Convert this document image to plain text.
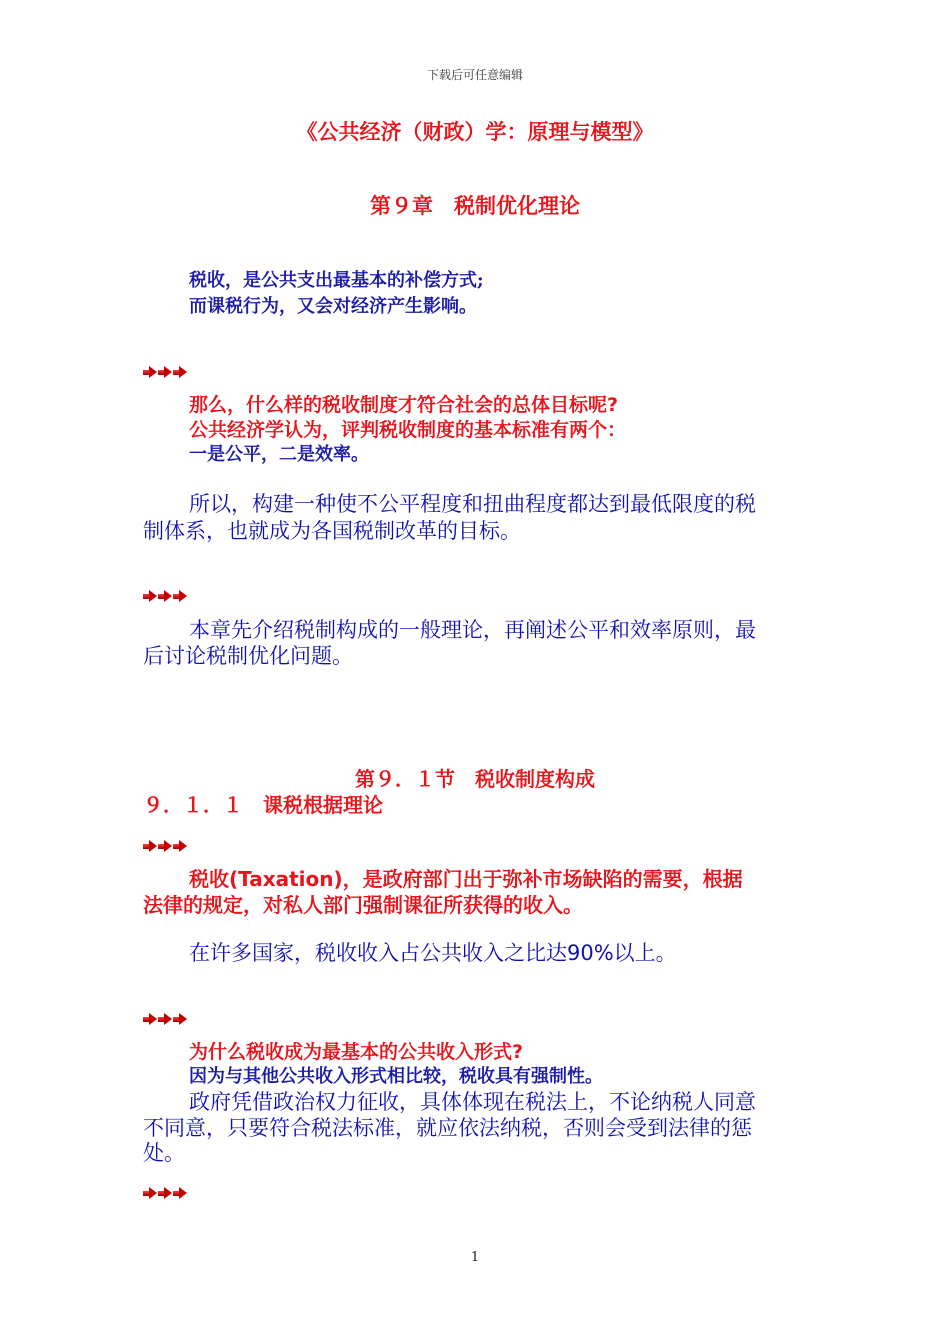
下载后可任意编辑
《公共经济（财政）学：原理与模型》
第９章　税制优化理论
税收，是公共支出最基本的补偿方式;
而课税行为，又会对经济产生影响。
那么，什么样的税收制度才符合社会的总体目标呢?
公共经济学认为，评判税收制度的基本标准有两个：
一是公平，二是效率。
所以，构建一种使不公平程度和扭曲程度都达到最低限度的税
制体系，也就成为各国税制改革的目标。
本章先介绍税制构成的一般理论，再阐述公平和效率原则，最
后讨论税制优化问题。
第９．１节　税收制度构成
９．１．１　课税根据理论
税收(Taxation)，是政府部门出于弥补市场缺陷的需要，根据
法律的规定，对私人部门强制课征所获得的收入。
在许多国家，税收收入占公共收入之比达90%以上。
为什么税收成为最基本的公共收入形式?
因为与其他公共收入形式相比较，税收具有强制性。
政府凭借政治权力征收，具体体现在税法上，不论纳税人同意
不同意，只要符合税法标准，就应依法纳税，否则会受到法律的惩
处。
1
